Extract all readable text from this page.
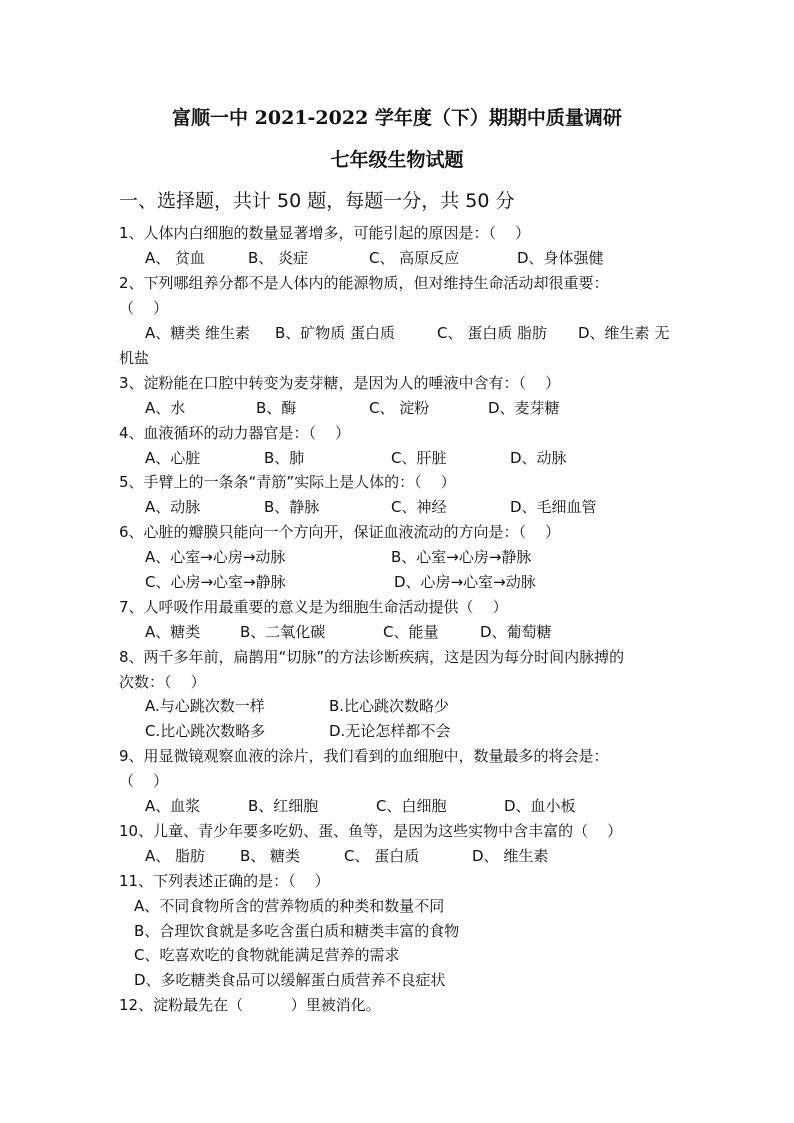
富顺一中 2021-2022 学年度（下）期期中质量调研
七年级生物试题
一、选择题，共计 50 题，每题一分，共 50 分
1、人体内白细胞的数量显著增多，可能引起的原因是：（    ）
A、 贫血	B、 炎症	C、 高原反应	D、身体强健
2、下列哪组养分都不是人体内的能源物质，但对维持生命活动却很重要：
（    ）
A、糖类 维生素 B、矿物质 蛋白质	C、 蛋白质 脂肪 D、维生素 无
机盐
3、淀粉能在口腔中转变为麦芽糖，是因为人的唾液中含有：（    ）
A、水	B、酶	C、 淀粉	D、麦芽糖
4、血液循环的动力器官是：（    ）
A、心脏	B、肺	C、肝脏	D、动脉
5、手臂上的一条条“青筋”实际上是人体的：（    ）
A、动脉	B、静脉	C、神经	D、毛细血管
6、心脏的瓣膜只能向一个方向开，保证血液流动的方向是：（    ）
A、心室→心房→动脉	B、心室→心房→静脉
C、心房→心室→静脉	D、心房→心室→动脉
7、人呼吸作用最重要的意义是为细胞生命活动提供（    ）
A、糖类	B、二氧化碳	C、能量	D、葡萄糖
8、两千多年前，扁鹊用“切脉”的方法诊断疾病，这是因为每分时间内脉搏的
次数：（    ）
A.与心跳次数一样	B.比心跳次数略少
C.比心跳次数略多	D.无论怎样都不会
9、用显微镜观察血液的涂片，我们看到的血细胞中，数量最多的将会是：
（    ）
A、血浆	B、红细胞	C、白细胞	D、血小板
10、儿童、青少年要多吃奶、蛋、鱼等，是因为这些实物中含丰富的（    ）
A、 脂肪 B、 糖类	C、 蛋白质	D、 维生素
11、下列表述正确的是：（    ）
A、不同食物所含的营养物质的种类和数量不同
B、合理饮食就是多吃含蛋白质和糖类丰富的食物
C、吃喜欢吃的食物就能满足营养的需求
D、多吃糖类食品可以缓解蛋白质营养不良症状
12、淀粉最先在（          ）里被消化。
